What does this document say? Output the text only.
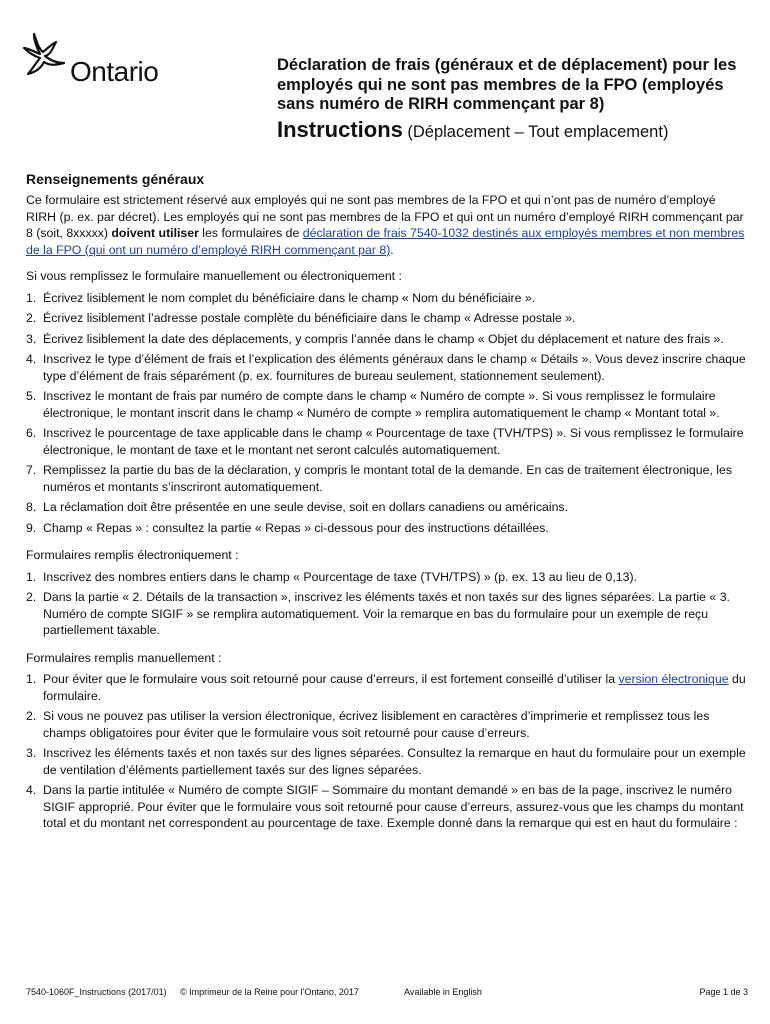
Ontario	Déclaration de frais (généraux et de déplacement) pour les employés qui ne sont pas membres de la FPO (employés sans numéro de RIRH commençant par 8)
Instructions (Déplacement – Tout emplacement)
Renseignements généraux

Ce formulaire est strictement réservé aux employés qui ne sont pas membres de la FPO et qui n’ont pas de numéro d’employé RIRH (p. ex. par décret). Les employés qui ne sont pas membres de la FPO et qui ont un numéro d’employé RIRH commençant par 8 (soit, 8xxxxx) doivent utiliser les formulaires de déclaration de frais 7540-1032 destinés aux employés membres et non membres de la FPO (qui ont un numéro d’employé RIRH commençant par 8).

Si vous remplissez le formulaire manuellement ou électroniquement :

1. Écrivez lisiblement le nom complet du bénéficiaire dans le champ « Nom du bénéficiaire ».
2. Écrivez lisiblement l’adresse postale complète du bénéficiaire dans le champ « Adresse postale ».
3. Écrivez lisiblement la date des déplacements, y compris l’année dans le champ « Objet du déplacement et nature des frais ».
4. Inscrivez le type d’élément de frais et l’explication des éléments généraux dans le champ « Détails ». Vous devez inscrire chaque type d’élément de frais séparément (p. ex. fournitures de bureau seulement, stationnement seulement).
5. Inscrivez le montant de frais par numéro de compte dans le champ « Numéro de compte ». Si vous remplissez le formulaire électronique, le montant inscrit dans le champ « Numéro de compte » remplira automatiquement le champ « Montant total ».
6. Inscrivez le pourcentage de taxe applicable dans le champ « Pourcentage de taxe (TVH/TPS) ». Si vous remplissez le formulaire électronique, le montant de taxe et le montant net seront calculés automatiquement.
7. Remplissez la partie du bas de la déclaration, y compris le montant total de la demande. En cas de traitement électronique, les numéros et montants s’inscriront automatiquement.
8. La réclamation doit être présentée en une seule devise, soit en dollars canadiens ou américains.
9. Champ « Repas » : consultez la partie « Repas » ci-dessous pour des instructions détaillées.

Formulaires remplis électroniquement :

1. Inscrivez des nombres entiers dans le champ « Pourcentage de taxe (TVH/TPS) » (p. ex. 13 au lieu de 0,13).
2. Dans la partie « 2. Détails de la transaction », inscrivez les éléments taxés et non taxés sur des lignes séparées. La partie « 3. Numéro de compte SIGIF » se remplira automatiquement. Voir la remarque en bas du formulaire pour un exemple de reçu partiellement taxable.

Formulaires remplis manuellement :

1. Pour éviter que le formulaire vous soit retourné pour cause d’erreurs, il est fortement conseillé d’utiliser la version électronique du formulaire.
2. Si vous ne pouvez pas utiliser la version électronique, écrivez lisiblement en caractères d’imprimerie et remplissez tous les champs obligatoires pour éviter que le formulaire vous soit retourné pour cause d’erreurs.
3. Inscrivez les éléments taxés et non taxés sur des lignes séparées. Consultez la remarque en haut du formulaire pour un exemple de ventilation d’éléments partiellement taxés sur des lignes séparées.
4. Dans la partie intitulée « Numéro de compte SIGIF – Sommaire du montant demandé » en bas de la page, inscrivez le numéro SIGIF approprié. Pour éviter que le formulaire vous soit retourné pour cause d’erreurs, assurez-vous que les champs du montant total et du montant net correspondent au pourcentage de taxe. Exemple donné dans la remarque qui est en haut du formulaire :
7540-1060F_Instructions (2017/01) © Imprimeur de la Reine pour l'Ontario, 2017	Available in English	Page 1 de 3
